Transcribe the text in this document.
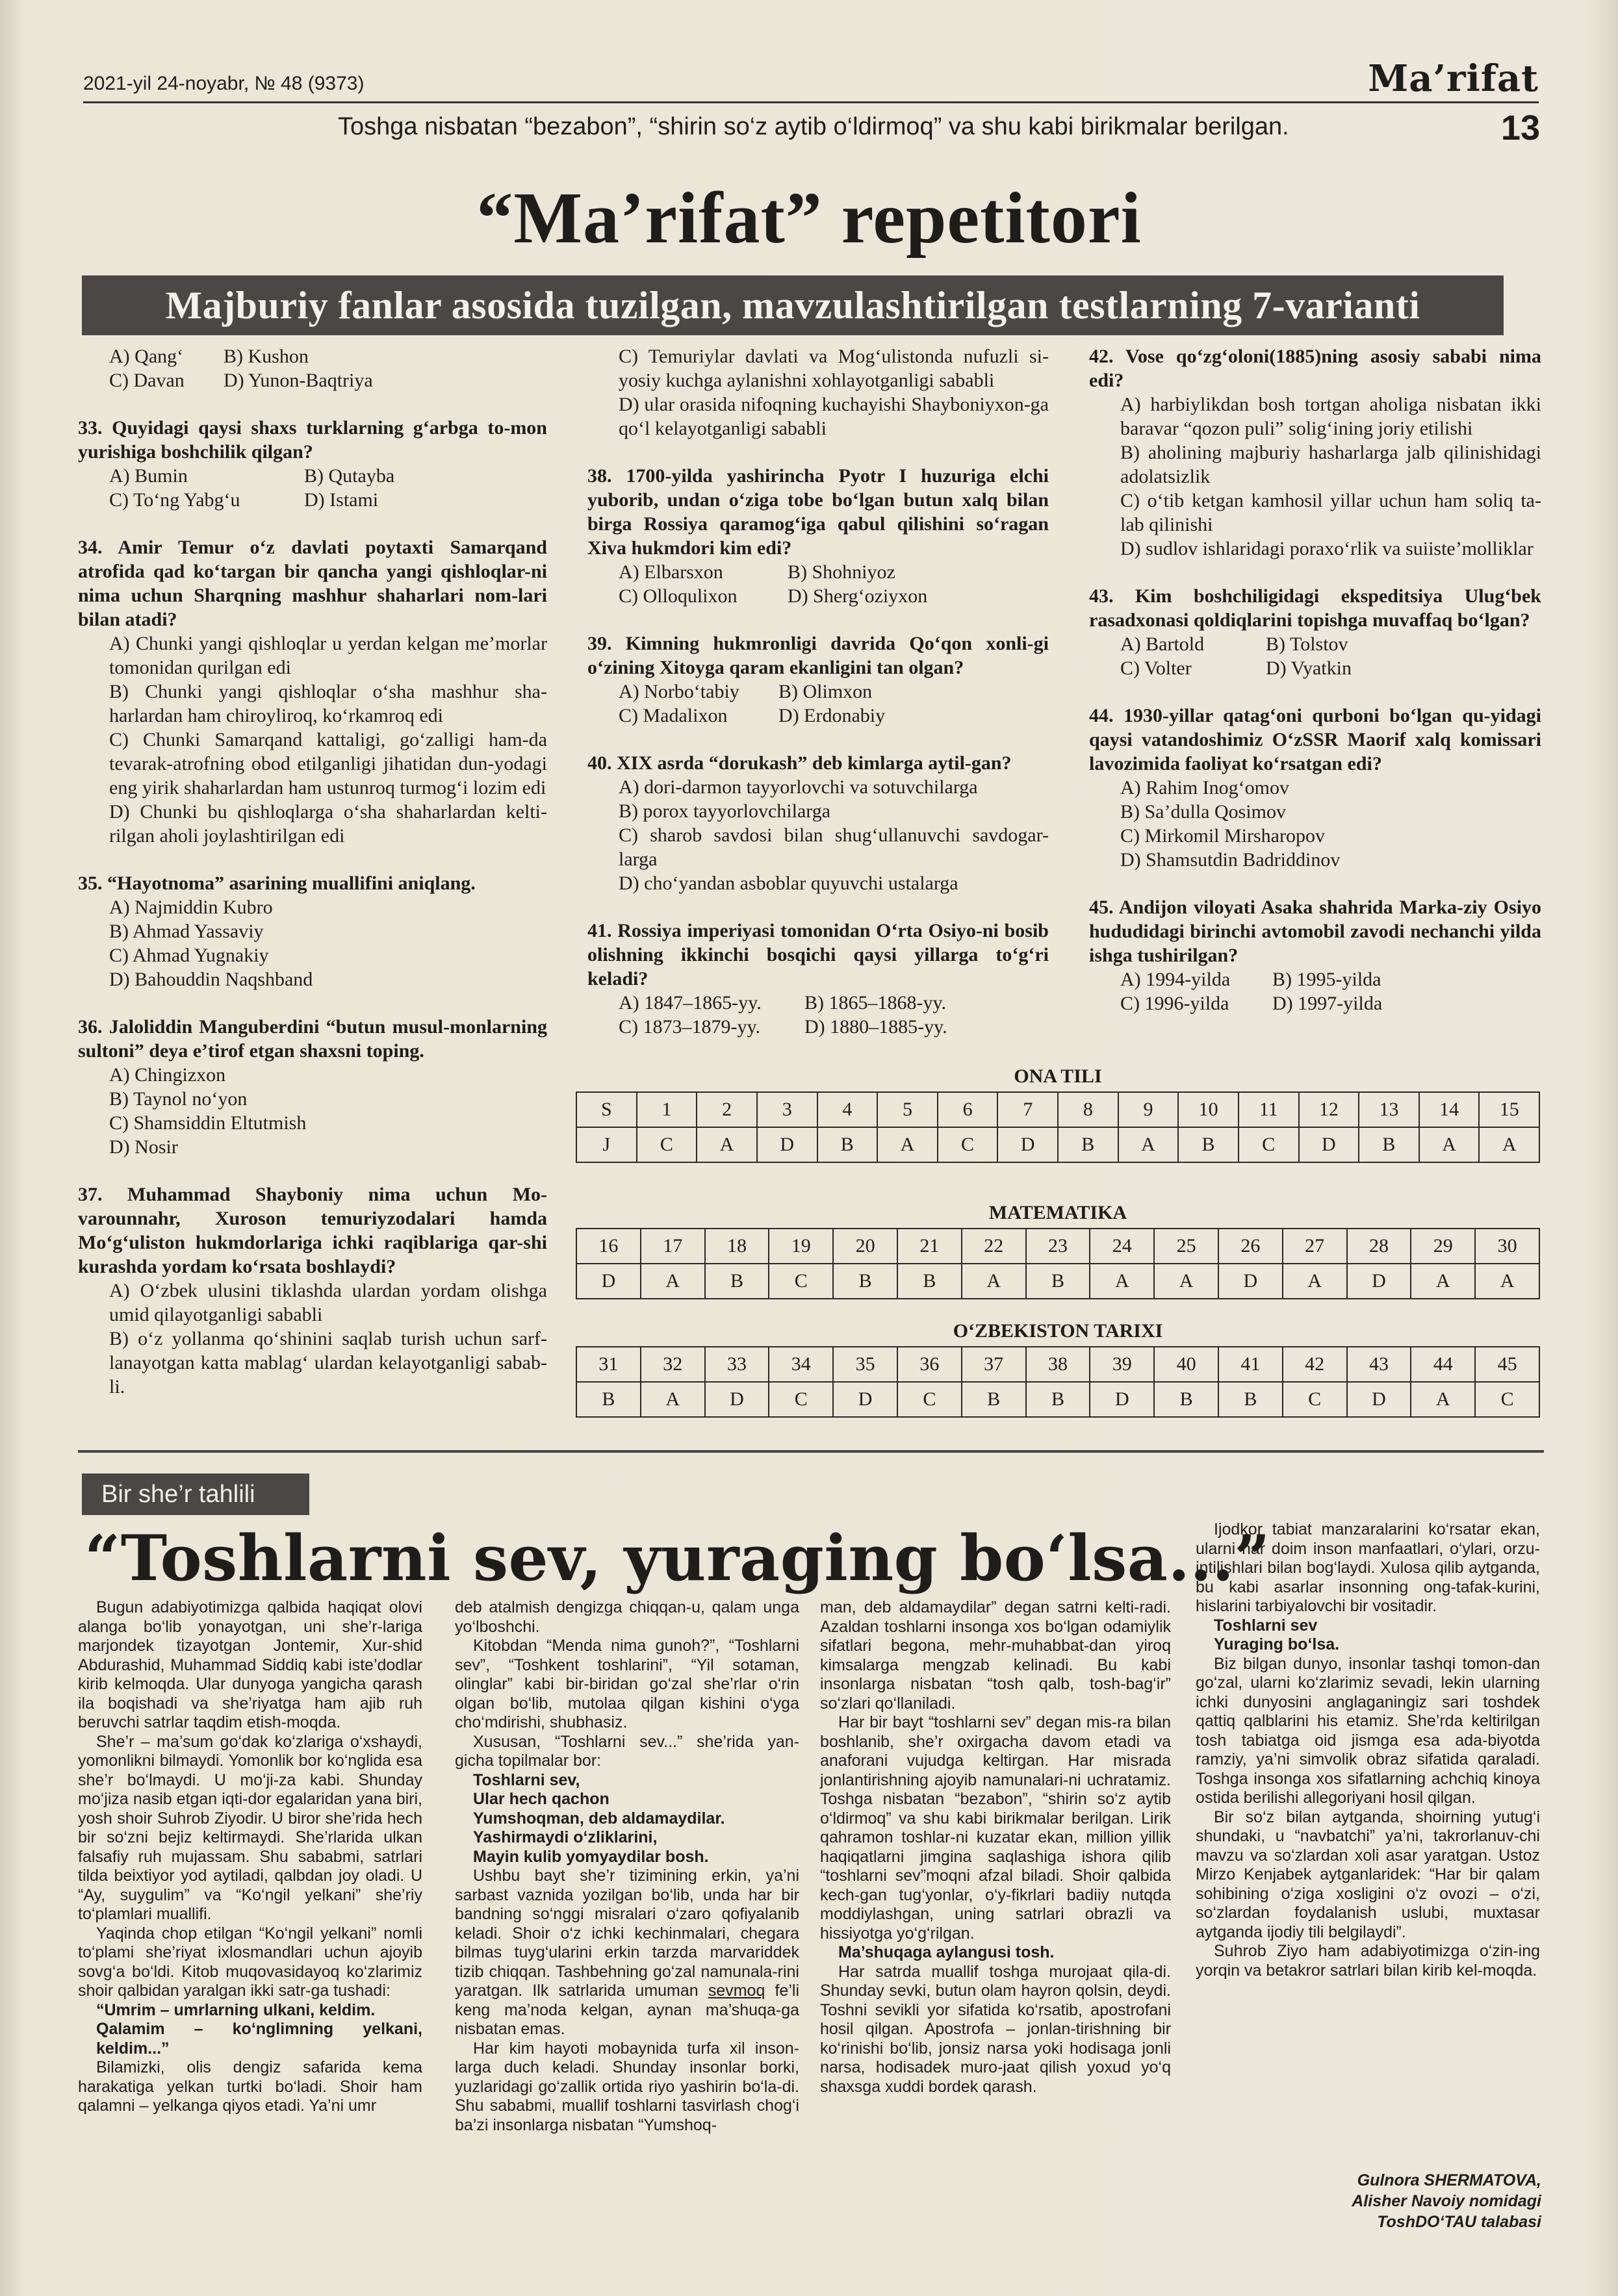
2021-yil 24-noyabr, № 48 (9373)	Ma’rifat
Toshga nisbatan “bezabon”, “shirin so‘z aytib o‘ldirmoq” va shu kabi birikmalar berilgan.	13
“Ma’rifat” repetitori
Majburiy fanlar asosida tuzilgan, mavzulashtirilgan testlarning 7-varianti
A) Qang‘	B) Kushon
C) Davan	D) Yunon-Baqtriya
33. Quyidagi qaysi shaxs turklarning g‘arbga to-mon yurishiga boshchilik qilgan?
A) Bumin	B) Qutayba
C) To‘ng Yabg‘u	D) Istami
34. Amir Temur o‘z davlati poytaxti Samarqand atrofida qad ko‘targan bir qancha yangi qishloqlar-ni nima uchun Sharqning mashhur shaharlari nom-lari bilan atadi?
A) Chunki yangi qishloqlar u yerdan kelgan me’morlar tomonidan qurilgan edi
B) Chunki yangi qishloqlar o‘sha mashhur sha-harlardan ham chiroyliroq, ko‘rkamroq edi
C) Chunki Samarqand kattaligi, go‘zalligi ham-da tevarak-atrofning obod etilganligi jihatidan dun-yodagi eng yirik shaharlardan ham ustunroq turmog‘i lozim edi
D) Chunki bu qishloqlarga o‘sha shaharlardan kelti-rilgan aholi joylashtirilgan edi
35. “Hayotnoma” asarining muallifini aniqlang.
A) Najmiddin Kubro
B) Ahmad Yassaviy
C) Ahmad Yugnakiy
D) Bahouddin Naqshband
36. Jaloliddin Manguberdini “butun musul-monlarning sultoni” deya e’tirof etgan shaxsni toping.
A) Chingizxon
B) Taynol no‘yon
C) Shamsiddin Eltutmish
D) Nosir
37. Muhammad Shayboniy nima uchun Mo-varounnahr, Xuroson temuriyzodalari hamda Mo‘g‘uliston hukmdorlariga ichki raqiblariga qar-shi kurashda yordam ko‘rsata boshlaydi?
A) O‘zbek ulusini tiklashda ulardan yordam olishga umid qilayotganligi sababli
B) o‘z yollanma qo‘shinini saqlab turish uchun sarf-lanayotgan katta mablag‘ ulardan kelayotganligi sabab-li.
C) Temuriylar davlati va Mog‘ulistonda nufuzli si-yosiy kuchga aylanishni xohlayotganligi sababli
D) ular orasida nifoqning kuchayishi Shayboniyxon-ga qo‘l kelayotganligi sababli
38. 1700-yilda yashirincha Pyotr I huzuriga elchi yuborib, undan o‘ziga tobe bo‘lgan butun xalq bilan birga Rossiya qaramog‘iga qabul qilishini so‘ragan Xiva hukmdori kim edi?
A) Elbarsxon	B) Shohniyoz
C) Olloqulixon	D) Sherg‘oziyxon
39. Kimning hukmronligi davrida Qo‘qon xonli-gi o‘zining Xitoyga qaram ekanligini tan olgan?
A) Norbo‘tabiy	B) Olimxon
C) Madalixon	D) Erdonabiy
40. XIX asrda “dorukash” deb kimlarga aytil-gan?
A) dori-darmon tayyorlovchi va sotuvchilarga
B) porox tayyorlovchilarga
C) sharob savdosi bilan shug‘ullanuvchi savdogar-larga
D) cho‘yandan asboblar quyuvchi ustalarga
41. Rossiya imperiyasi tomonidan O‘rta Osiyo-ni bosib olishning ikkinchi bosqichi qaysi yillarga to‘g‘ri keladi?
A) 1847–1865-yy.	B) 1865–1868-yy.
C) 1873–1879-yy.	D) 1880–1885-yy.
42. Vose qo‘zg‘oloni(1885)ning asosiy sababi nima edi?
A) harbiylikdan bosh tortgan aholiga nisbatan ikki baravar “qozon puli” solig‘ining joriy etilishi
B) aholining majburiy hasharlarga jalb qilinishidagi adolatsizlik
C) o‘tib ketgan kamhosil yillar uchun ham soliq ta-lab qilinishi
D) sudlov ishlaridagi poraxo‘rlik va suiiste’molliklar
43. Kim boshchiligidagi ekspeditsiya Ulug‘bek rasadxonasi qoldiqlarini topishga muvaffaq bo‘lgan?
A) Bartold	B) Tolstov
C) Volter	D) Vyatkin
44. 1930-yillar qatag‘oni qurboni bo‘lgan qu-yidagi qaysi vatandoshimiz O‘zSSR Maorif xalq komissari lavozimida faoliyat ko‘rsatgan edi?
A) Rahim Inog‘omov
B) Sa’dulla Qosimov
C) Mirkomil Mirsharopov
D) Shamsutdin Badriddinov
45. Andijon viloyati Asaka shahrida Marka-ziy Osiyo hududidagi birinchi avtomobil zavodi nechanchi yilda ishga tushirilgan?
A) 1994-yilda	B) 1995-yilda
C) 1996-yilda	D) 1997-yilda
ONA TILI
S	1	2	3	4	5	6	7	8	9	10	11	12	13	14	15
J	C	A	D	B	A	C	D	B	A	B	C	D	B	A	A
MATEMATIKA
16	17	18	19	20	21	22	23	24	25	26	27	28	29	30
D	A	B	C	B	B	A	B	A	A	D	A	D	A	A
O‘ZBEKISTON TARIXI
31	32	33	34	35	36	37	38	39	40	41	42	43	44	45
B	A	D	C	D	C	B	B	D	B	B	C	D	A	C
Bir she’r tahlili
“Toshlarni sev, yuraging bo‘lsa...”

Bugun adabiyotimizga qalbida haqiqat olovi alanga bo‘lib yonayotgan, uni she’r-lariga marjondek tizayotgan Jontemir, Xur-shid Abdurashid, Muhammad Siddiq kabi iste’dodlar kirib kelmoqda. Ular dunyoga yangicha qarash ila boqishadi va she’riyatga ham ajib ruh beruvchi satrlar taqdim etish-moqda.

She’r – ma’sum go‘dak ko‘zlariga o‘xshaydi, yomonlikni bilmaydi. Yomonlik bor ko‘nglida esa she’r bo‘lmaydi. U mo‘ji-za kabi. Shunday mo‘jiza nasib etgan iqti-dor egalaridan yana biri, yosh shoir Suhrob Ziyodir. U biror she’rida hech bir so‘zni bejiz keltirmaydi. She’rlarida ulkan falsafiy ruh mujassam. Shu sababmi, satrlari tilda beixtiyor yod aytiladi, qalbdan joy oladi. U “Ay, suygulim” va “Ko‘ngil yelkani” she’riy to‘plamlari muallifi.

Yaqinda chop etilgan “Ko‘ngil yelkani” nomli to‘plami she’riyat ixlosmandlari uchun ajoyib sovg‘a bo‘ldi. Kitob muqovasidayoq ko‘zlarimiz shoir qalbidan yaralgan ikki satr-ga tushadi:

“Umrim – umrlarning ulkani, keldim.

Qalamim – ko‘nglimning yelkani, keldim...”

Bilamizki, olis dengiz safarida kema harakatiga yelkan turtki bo‘ladi. Shoir ham qalamni – yelkanga qiyos etadi. Ya’ni umr

deb atalmish dengizga chiqqan-u, qalam unga yo‘lboshchi.

Kitobdan “Menda nima gunoh?”, “Toshlarni sev”, “Toshkent toshlarini”, “Yil sotaman, olinglar” kabi bir-biridan go‘zal she’rlar o‘rin olgan bo‘lib, mutolaa qilgan kishini o‘yga cho‘mdirishi, shubhasiz.

Xususan, “Toshlarni sev...” she’rida yan-gicha topilmalar bor:

Toshlarni sev,

Ular hech qachon

Yumshoqman, deb aldamaydilar.

Yashirmaydi o‘zliklarini,

Mayin kulib yomyaydilar bosh.

Ushbu bayt she’r tizimining erkin, ya’ni sarbast vaznida yozilgan bo‘lib, unda har bir bandning so‘nggi misralari o‘zaro qofiyalanib keladi. Shoir o‘z ichki kechinmalari, chegara bilmas tuyg‘ularini erkin tarzda marvariddek tizib chiqqan. Tashbehning go‘zal namunala-rini yaratgan. Ilk satrlarida umuman sevmoq fe’li keng ma’noda kelgan, aynan ma’shuqa-ga nisbatan emas.

Har kim hayoti mobaynida turfa xil inson-larga duch keladi. Shunday insonlar borki, yuzlaridagi go‘zallik ortida riyo yashirin bo‘la-di. Shu sababmi, muallif toshlarni tasvirlash chog‘i ba’zi insonlarga nisbatan “Yumshoq-

man, deb aldamaydilar” degan satrni kelti-radi. Azaldan toshlarni insonga xos bo‘lgan odamiylik sifatlari begona, mehr-muhabbat-dan yiroq kimsalarga mengzab kelinadi. Bu kabi insonlarga nisbatan “tosh qalb, tosh-bag‘ir” so‘zlari qo‘llaniladi.

Har bir bayt “toshlarni sev” degan mis-ra bilan boshlanib, she’r oxirgacha davom etadi va anaforani vujudga keltirgan. Har misrada jonlantirishning ajoyib namunalari-ni uchratamiz. Toshga nisbatan “bezabon”, “shirin so‘z aytib o‘ldirmoq” va shu kabi birikmalar berilgan. Lirik qahramon toshlar-ni kuzatar ekan, million yillik haqiqatlarni jimgina saqlashiga ishora qilib “toshlarni sev”moqni afzal biladi. Shoir qalbida kech-gan tug‘yonlar, o‘y-fikrlari badiiy nutqda moddiylashgan, uning satrlari obrazli va hissiyotga yo‘g‘rilgan.

Ma’shuqaga aylangusi tosh.

Har satrda muallif toshga murojaat qila-di. Shunday sevki, butun olam hayron qolsin, deydi. Toshni sevikli yor sifatida ko‘rsatib, apostrofani hosil qilgan. Apostrofa – jonlan-tirishning bir ko‘rinishi bo‘lib, jonsiz narsa yoki hodisaga jonli narsa, hodisadek muro-jaat qilish yoxud yo‘q shaxsga xuddi bordek qarash.

Ijodkor tabiat manzaralarini ko‘rsatar ekan, ularni har doim inson manfaatlari, o‘ylari, orzu-intilishlari bilan bog‘laydi. Xulosa qilib aytganda, bu kabi asarlar insonning ong-tafak-kurini, hislarini tarbiyalovchi bir vositadir.

Toshlarni sev

Yuraging bo‘lsa.

Biz bilgan dunyo, insonlar tashqi tomon-dan go‘zal, ularni ko‘zlarimiz sevadi, lekin ularning ichki dunyosini anglaganingiz sari toshdek qattiq qalblarini his etamiz. She’rda keltirilgan tosh tabiatga oid jismga esa ada-biyotda ramziy, ya’ni simvolik obraz sifatida qaraladi. Toshga insonga xos sifatlarning achchiq kinoya ostida berilishi allegoriyani hosil qilgan.

Bir so‘z bilan aytganda, shoirning yutug‘i shundaki, u “navbatchi” ya’ni, takrorlanuv-chi mavzu va so‘zlardan xoli asar yaratgan. Ustoz Mirzo Kenjabek aytganlaridek: “Har bir qalam sohibining o‘ziga xosligini o‘z ovozi – o‘zi, so‘zlardan foydalanish uslubi, muxtasar aytganda ijodiy tili belgilaydi”.

Suhrob Ziyo ham adabiyotimizga o‘zin-ing yorqin va betakror satrlari bilan kirib kel-moqda.

Gulnora SHERMATOVA,
Alisher Navoiy nomidagi
ToshDO‘TAU talabasi
